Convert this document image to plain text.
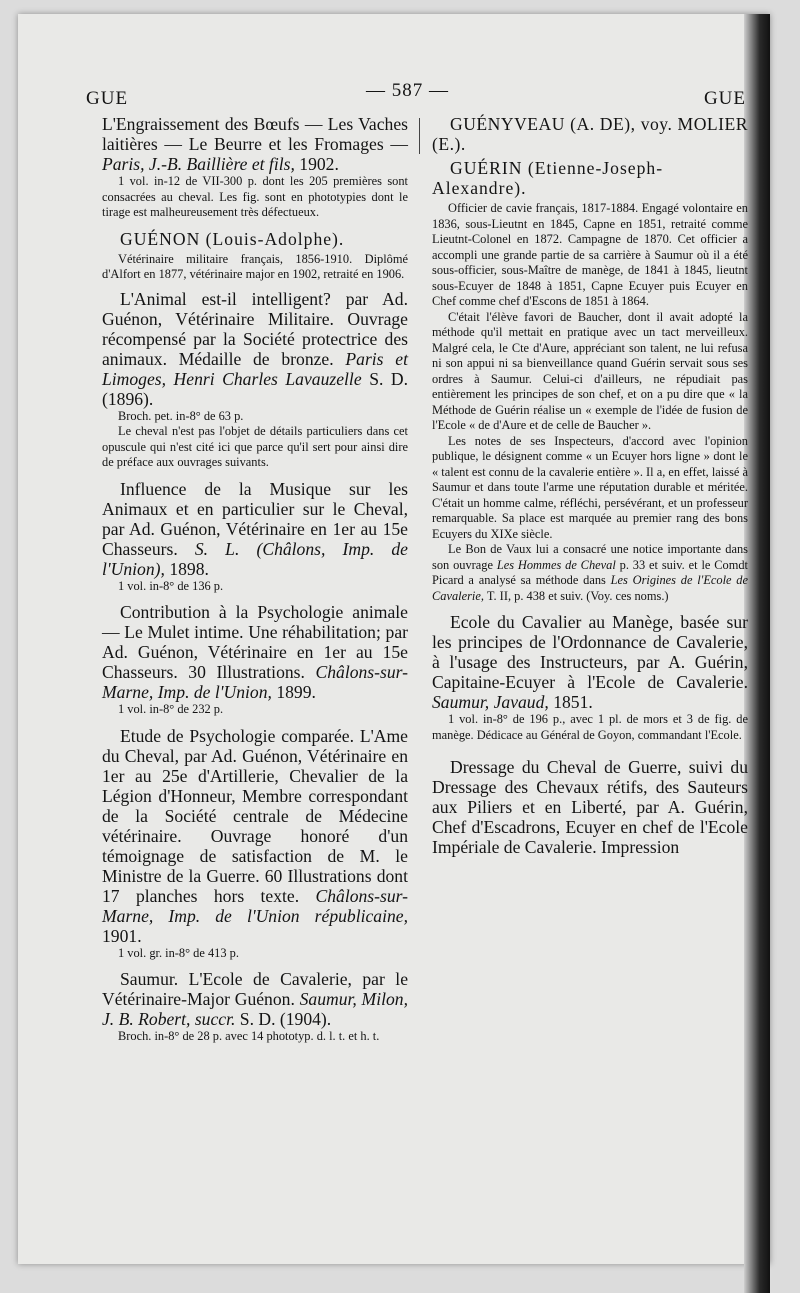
GUE	— 587 —	GUE

L'Engraissement des Bœufs — Les Vaches laitières — Le Beurre et les Fromages — Paris, J.-B. Baillière et fils, 1902.

1 vol. in-12 de VII-300 p. dont les 205 premières sont consacrées au cheval. Les fig. sont en phototypies dont le tirage est malheureusement très défectueux.

GUÉNON (Louis-Adolphe).

Vétérinaire militaire français, 1856-1910. Diplômé d'Alfort en 1877, vétérinaire major en 1902, retraité en 1906.

L'Animal est-il intelligent? par Ad. Guénon, Vétérinaire Militaire. Ouvrage récompensé par la Société protectrice des animaux. Médaille de bronze. Paris et Limoges, Henri Charles Lavauzelle S. D. (1896).

Broch. pet. in-8° de 63 p.

Le cheval n'est pas l'objet de détails particuliers dans cet opuscule qui n'est cité ici que parce qu'il sert pour ainsi dire de préface aux ouvrages suivants.

Influence de la Musique sur les Animaux et en particulier sur le Cheval, par Ad. Guénon, Vétérinaire en 1er au 15e Chasseurs. S. L. (Châlons, Imp. de l'Union), 1898.

1 vol. in-8° de 136 p.

Contribution à la Psychologie animale — Le Mulet intime. Une réhabilitation; par Ad. Guénon, Vétérinaire en 1er au 15e Chasseurs. 30 Illustrations. Châlons-sur-Marne, Imp. de l'Union, 1899.

1 vol. in-8° de 232 p.

Etude de Psychologie comparée. L'Ame du Cheval, par Ad. Guénon, Vétérinaire en 1er au 25e d'Artillerie, Chevalier de la Légion d'Honneur, Membre correspondant de la Société centrale de Médecine vétérinaire. Ouvrage honoré d'un témoignage de satisfaction de M. le Ministre de la Guerre. 60 Illustrations dont 17 planches hors texte. Châlons-sur-Marne, Imp. de l'Union républicaine, 1901.

1 vol. gr. in-8° de 413 p.

Saumur. L'Ecole de Cavalerie, par le Vétérinaire-Major Guénon. Saumur, Milon, J. B. Robert, succr. S. D. (1904).

Broch. in-8° de 28 p. avec 14 phototyp. d. l. t. et h. t.

GUÉNYVEAU (A. DE), voy. MOLIER (E.).

GUÉRIN (Etienne-Joseph-Alexandre).

Officier de cavie français, 1817-1884. Engagé volontaire en 1836, sous-Lieutnt en 1845, Capne en 1851, retraité comme Lieutnt-Colonel en 1872. Campagne de 1870. Cet officier a accompli une grande partie de sa carrière à Saumur où il a été sous-officier, sous-Maître de manège, de 1841 à 1845, lieutnt sous-Ecuyer de 1848 à 1851, Capne Ecuyer puis Ecuyer en Chef comme chef d'Escons de 1851 à 1864.

C'était l'élève favori de Baucher, dont il avait adopté la méthode qu'il mettait en pratique avec un tact merveilleux. Malgré cela, le Cte d'Aure, appréciant son talent, ne lui refusa ni son appui ni sa bienveillance quand Guérin servait sous ses ordres à Saumur. Celui-ci d'ailleurs, ne répudiait pas entièrement les principes de son chef, et on a pu dire que « la Méthode de Guérin réalise un « exemple de l'idée de fusion de l'Ecole « de d'Aure et de celle de Baucher ».

Les notes de ses Inspecteurs, d'accord avec l'opinion publique, le désignent comme « un Ecuyer hors ligne » dont le « talent est connu de la cavalerie entière ». Il a, en effet, laissé à Saumur et dans toute l'arme une réputation durable et méritée. C'était un homme calme, réfléchi, persévérant, et un professeur remarquable. Sa place est marquée au premier rang des bons Ecuyers du XIXe siècle.

Le Bon de Vaux lui a consacré une notice importante dans son ouvrage Les Hommes de Cheval p. 33 et suiv. et le Comdt Picard a analysé sa méthode dans Les Origines de l'Ecole de Cavalerie, T. II, p. 438 et suiv. (Voy. ces noms.)

Ecole du Cavalier au Manège, basée sur les principes de l'Ordonnance de Cavalerie, à l'usage des Instructeurs, par A. Guérin, Capitaine-Ecuyer à l'Ecole de Cavalerie. Saumur, Javaud, 1851.

1 vol. in-8° de 196 p., avec 1 pl. de mors et 3 de fig. de manège. Dédicace au Général de Goyon, commandant l'Ecole.

Dressage du Cheval de Guerre, suivi du Dressage des Chevaux rétifs, des Sauteurs aux Piliers et en Liberté, par A. Guérin, Chef d'Escadrons, Ecuyer en chef de l'Ecole Impériale de Cavalerie. Impression
